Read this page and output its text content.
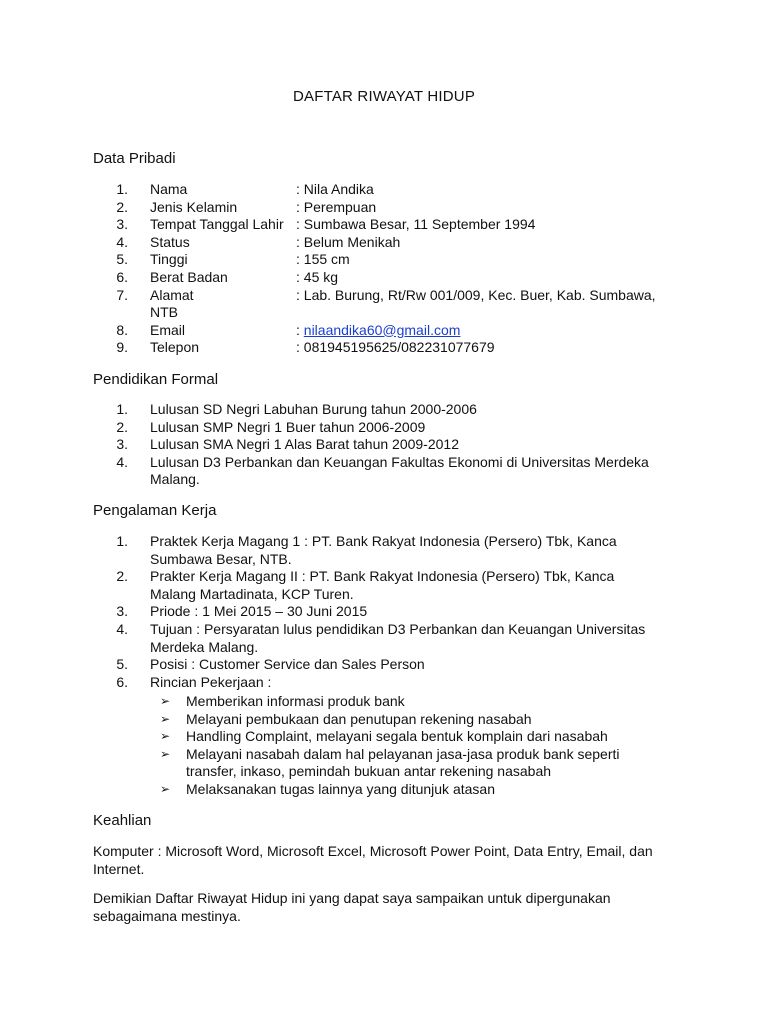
DAFTAR RIWAYAT HIDUP
Data Pribadi
1.	Nama	: Nila Andika
2.	Jenis Kelamin	: Perempuan
3.	Tempat Tanggal Lahir : Sumbawa Besar, 11 September 1994
4.	Status	: Belum Menikah
5.	Tinggi	: 155 cm
6.	Berat Badan	: 45 kg
7.	Alamat	: Lab. Burung, Rt/Rw 001/009, Kec. Buer, Kab. Sumbawa,
NTB
8.	Email	: nilaandika60@gmail.com
9.	Telepon	: 081945195625/082231077679
Pendidikan Formal
1.	Lulusan SD Negri Labuhan Burung tahun 2000-2006
2.	Lulusan SMP Negri 1 Buer tahun 2006-2009
3.	Lulusan SMA Negri 1 Alas Barat tahun 2009-2012
4.	Lulusan D3 Perbankan dan Keuangan Fakultas Ekonomi di Universitas Merdeka Malang.
Pengalaman Kerja
1.	Praktek Kerja Magang 1 : PT. Bank Rakyat Indonesia (Persero) Tbk, Kanca Sumbawa Besar, NTB.
2.	Prakter Kerja Magang II : PT. Bank Rakyat Indonesia (Persero) Tbk, Kanca Malang Martadinata, KCP Turen.
3.	Priode : 1 Mei 2015 – 30 Juni 2015
4.	Tujuan : Persyaratan lulus pendidikan D3 Perbankan dan Keuangan Universitas Merdeka Malang.
5.	Posisi : Customer Service dan Sales Person
6.	Rincian Pekerjaan :
➢	Memberikan informasi produk bank
➢	Melayani pembukaan dan penutupan rekening nasabah
➢	Handling Complaint, melayani segala bentuk komplain dari nasabah
➢	Melayani nasabah dalam hal pelayanan jasa-jasa produk bank seperti transfer, inkaso, pemindah bukuan antar rekening nasabah
➢	Melaksanakan tugas lainnya yang ditunjuk atasan
Keahlian
Komputer : Microsoft Word, Microsoft Excel, Microsoft Power Point, Data Entry, Email, dan Internet.
Demikian Daftar Riwayat Hidup ini yang dapat saya sampaikan untuk dipergunakan sebagaimana mestinya.
